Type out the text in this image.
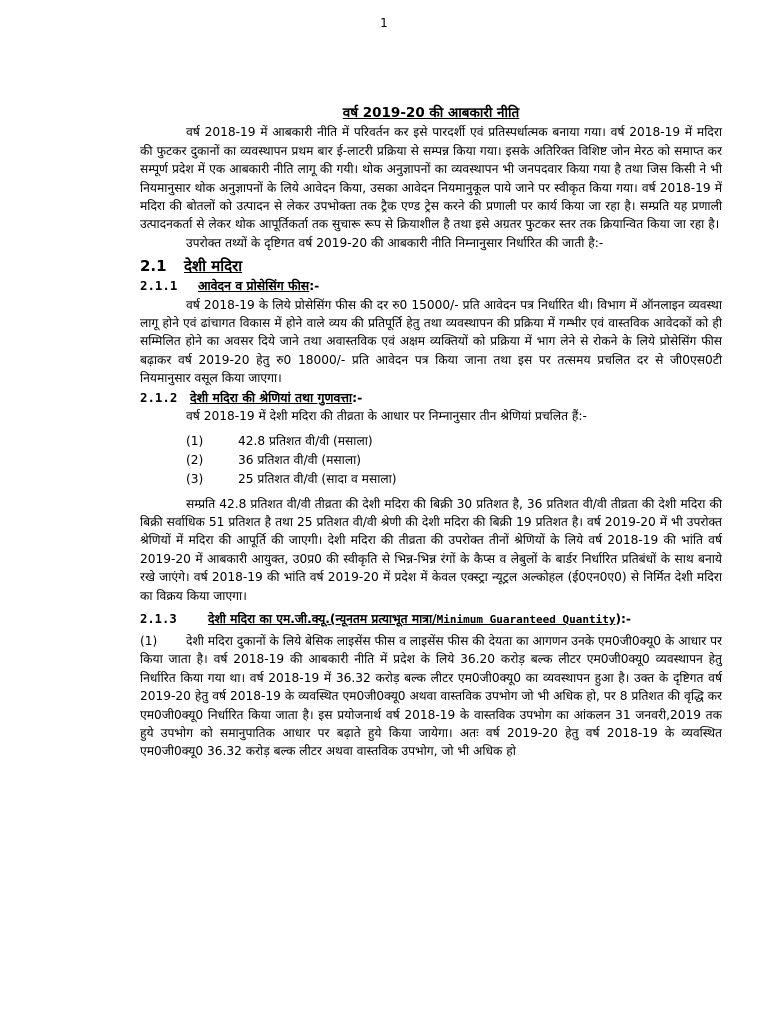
1
वर्ष 2019-20 की आबकारी नीति

वर्ष 2018-19 में आबकारी नीति में परिवर्तन कर इसे पारदर्शी एवं प्रतिस्पर्धात्मक बनाया गया। वर्ष 2018-19 में मदिरा की फुटकर दुकानों का व्यवस्थापन प्रथम बार ई-लाटरी प्रक्रिया से सम्पन्न किया गया। इसके अतिरिक्त विशिष्ट जोन मेरठ को समाप्त कर सम्पूर्ण प्रदेश में एक आबकारी नीति लागू की गयी। थोक अनुज्ञापनों का व्यवस्थापन भी जनपदवार किया गया है तथा जिस किसी ने भी नियमानुसार थोक अनुज्ञापनों के लिये आवेदन किया, उसका आवेदन नियमानुकूल पाये जाने पर स्वीकृत किया गया। वर्ष 2018-19 में मदिरा की बोतलों को उत्पादन से लेकर उपभोक्ता तक ट्रैक एण्ड ट्रेस करने की प्रणाली पर कार्य किया जा रहा है। सम्प्रति यह प्रणाली उत्पादनकर्ता से लेकर थोक आपूर्तिकर्ता तक सुचारू रूप से क्रियाशील है तथा इसे अग्रतर फुटकर स्तर तक क्रियान्वित किया जा रहा है।

उपरोक्त तथ्यों के दृष्टिगत वर्ष 2019-20 की आबकारी नीति निम्नानुसार निर्धारित की जाती है:-

2.1 देशी मदिरा
2.1.1 आवेदन व प्रोसेसिंग फीस:-

वर्ष 2018-19 के लिये प्रोसेसिंग फीस की दर रु0 15000/- प्रति आवेदन पत्र निर्धारित थी। विभाग में ऑनलाइन व्यवस्था लागू होने एवं ढांचागत विकास में होने वाले व्यय की प्रतिपूर्ति हेतु तथा व्यवस्थापन की प्रक्रिया में गम्भीर एवं वास्तविक आवेदकों को ही सम्मिलित होने का अवसर दिये जाने तथा अवास्तविक एवं अक्षम व्यक्तियों को प्रक्रिया में भाग लेने से रोकने के लिये प्रोसेसिंग फीस बढ़ाकर वर्ष 2019-20 हेतु रु0 18000/- प्रति आवेदन पत्र किया जाना तथा इस पर तत्समय प्रचलित दर से जी0एस0टी नियमानुसार वसूल किया जाएगा।

2.1.2 देशी मदिरा की श्रेणियां तथा गुणवत्ता:-

वर्ष 2018-19 में देशी मदिरा की तीव्रता के आधार पर निम्नानुसार तीन श्रेणियां प्रचलित हैं:-

(1)	42.8 प्रतिशत वी/वी (मसाला)
(2)	36 प्रतिशत वी/वी (मसाला)
(3)	25 प्रतिशत वी/वी (सादा व मसाला)

सम्प्रति 42.8 प्रतिशत वी/वी तीव्रता की देशी मदिरा की बिक्री 30 प्रतिशत है, 36 प्रतिशत वी/वी तीव्रता की देशी मदिरा की बिक्री सर्वाधिक 51 प्रतिशत है तथा 25 प्रतिशत वी/वी श्रेणी की देशी मदिरा की बिक्री 19 प्रतिशत है। वर्ष 2019-20 में भी उपरोक्त श्रेणियों में मदिरा की आपूर्ति की जाएगी। देशी मदिरा की तीव्रता की उपरोक्त तीनों श्रेणियों के लिये वर्ष 2018-19 की भांति वर्ष 2019-20 में आबकारी आयुक्त, उ0प्र0 की स्वीकृति से भिन्न-भिन्न रंगों के कैप्स व लेबुलों के बार्डर निर्धारित प्रतिबंधों के साथ बनाये रखे जाएंगे। वर्ष 2018-19 की भांति वर्ष 2019-20 में प्रदेश में केवल एक्स्ट्रा न्यूट्रल अल्कोहल (ई0एन0ए0) से निर्मित देशी मदिरा का विक्रय किया जाएगा।

2.1.3	देशी मदिरा का एम.जी.क्यू.(न्यूनतम प्रत्याभूत मात्रा/Minimum Guaranteed Quantity):-

(1) देशी मदिरा दुकानों के लिये बेसिक लाइसेंस फीस व लाइसेंस फीस की देयता का आगणन उनके एम0जी0क्यू0 के आधार पर किया जाता है। वर्ष 2018-19 की आबकारी नीति में प्रदेश के लिये 36.20 करोड़ बल्क लीटर एम0जी0क्यू0 व्यवस्थापन हेतु निर्धारित किया गया था। वर्ष 2018-19 में 36.32 करोड़ बल्क लीटर एम0जी0क्यू0 का व्यवस्थापन हुआ है। उक्त के दृष्टिगत वर्ष 2019-20 हेतु वर्ष 2018-19 के व्यवस्थित एम0जी0क्यू0 अथवा वास्तविक उपभोग जो भी अधिक हो, पर 8 प्रतिशत की वृद्धि कर एम0जी0क्यू0 निर्धारित किया जाता है। इस प्रयोजनार्थ वर्ष 2018-19 के वास्तविक उपभोग का आंकलन 31 जनवरी,2019 तक हुये उपभोग को समानुपातिक आधार पर बढ़ाते हुये किया जायेगा। अतः वर्ष 2019-20 हेतु वर्ष 2018-19 के व्यवस्थित एम0जी0क्यू0 36.32 करोड़ बल्क लीटर अथवा वास्तविक उपभोग, जो भी अधिक हो
